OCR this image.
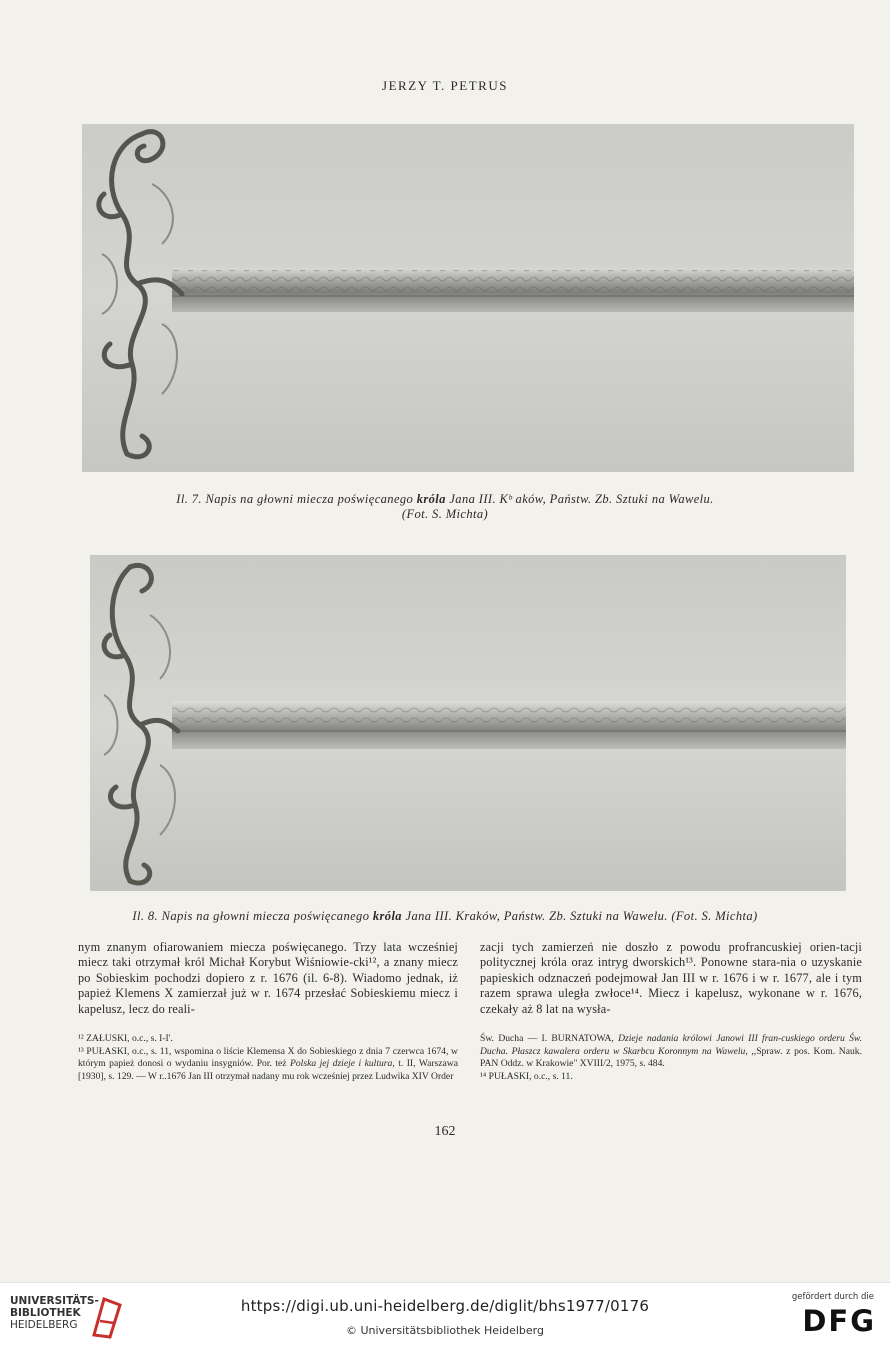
JERZY T. PETRUS
Il. 7. Napis na głowni miecza poświęcanego króla Jana III. Kᵇ aków, Państw. Zb. Sztuki na Wawelu.
(Fot. S. Michta)
Il. 8. Napis na głowni miecza poświęcanego króla Jana III. Kraków, Państw. Zb. Sztuki na Wawelu. (Fot. S. Michta)

nym znanym ofiarowaniem miecza poświęcanego. Trzy lata wcześniej miecz taki otrzymał król Michał Korybut Wiśniowie-cki¹², a znany miecz po Sobieskim pochodzi dopiero z r. 1676 (il. 6-8). Wiadomo jednak, iż papież Klemens X zamierzał już w r. 1674 przesłać Sobieskiemu miecz i kapelusz, lecz do reali-

zacji tych zamierzeń nie doszło z powodu profrancuskiej orien-tacji politycznej króla oraz intryg dworskich¹³. Ponowne stara-nia o uzyskanie papieskich odznaczeń podejmował Jan III w r. 1676 i w r. 1677, ale i tym razem sprawa uległa zwłoce¹⁴. Miecz i kapelusz, wykonane w r. 1676, czekały aż 8 lat na wysła-

¹² ZAŁUSKI, o.c., s. I-I'.

¹³ PUŁASKI, o.c., s. 11, wspomina o liście Klemensa X do Sobieskiego z dnia 7 czerwca 1674, w którym papież donosi o wydaniu insygniów. Por. też Polska jej dzieje i kultura, t. II, Warszawa [1930], s. 129. — W r..1676 Jan III otrzymał nadany mu rok wcześniej przez Ludwika XIV Order

Św. Ducha — I. BURNATOWA, Dzieje nadania królowi Janowi III fran-cuskiego orderu Św. Ducha. Płaszcz kawalera orderu w Skarbcu Koronnym na Wawelu, ,,Spraw. z pos. Kom. Nauk. PAN Oddz. w Krakowie" XVIII/2, 1975, s. 484.

¹⁴ PUŁASKI, o.c., s. 11.

162
UNIVERSITÄTS-
BIBLIOTHEK
HEIDELBERG
https://digi.ub.uni-heidelberg.de/diglit/bhs1977/0176
© Universitätsbibliothek Heidelberg
gefördert durch die
DFG
